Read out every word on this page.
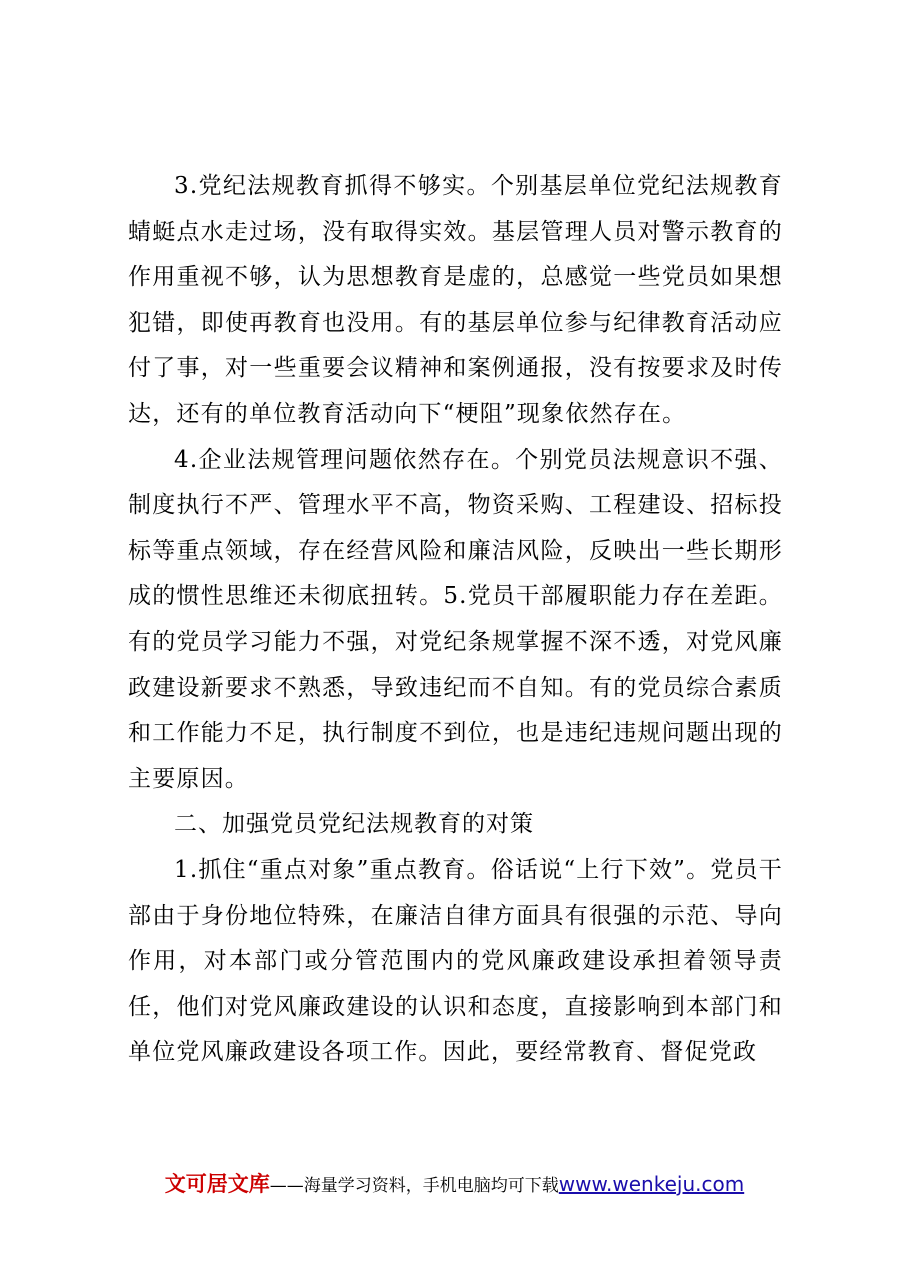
3.党纪法规教育抓得不够实。个别基层单位党纪法规教育蜻蜓点水走过场，没有取得实效。基层管理人员对警示教育的作用重视不够，认为思想教育是虚的，总感觉一些党员如果想犯错，即使再教育也没用。有的基层单位参与纪律教育活动应付了事，对一些重要会议精神和案例通报，没有按要求及时传达，还有的单位教育活动向下“梗阻”现象依然存在。

4.企业法规管理问题依然存在。个别党员法规意识不强、制度执行不严、管理水平不高，物资采购、工程建设、招标投标等重点领域，存在经营风险和廉洁风险，反映出一些长期形成的惯性思维还未彻底扭转。5.党员干部履职能力存在差距。有的党员学习能力不强，对党纪条规掌握不深不透，对党风廉政建设新要求不熟悉，导致违纪而不自知。有的党员综合素质和工作能力不足，执行制度不到位，也是违纪违规问题出现的主要原因。

二、加强党员党纪法规教育的对策

1.抓住“重点对象”重点教育。俗话说“上行下效”。党员干部由于身份地位特殊，在廉洁自律方面具有很强的示范、导向作用，对本部门或分管范围内的党风廉政建设承担着领导责任，他们对党风廉政建设的认识和态度，直接影响到本部门和单位党风廉政建设各项工作。因此，要经常教育、督促党政

文可居文库——海量学习资料，手机电脑均可下载www.wenkeju.com
